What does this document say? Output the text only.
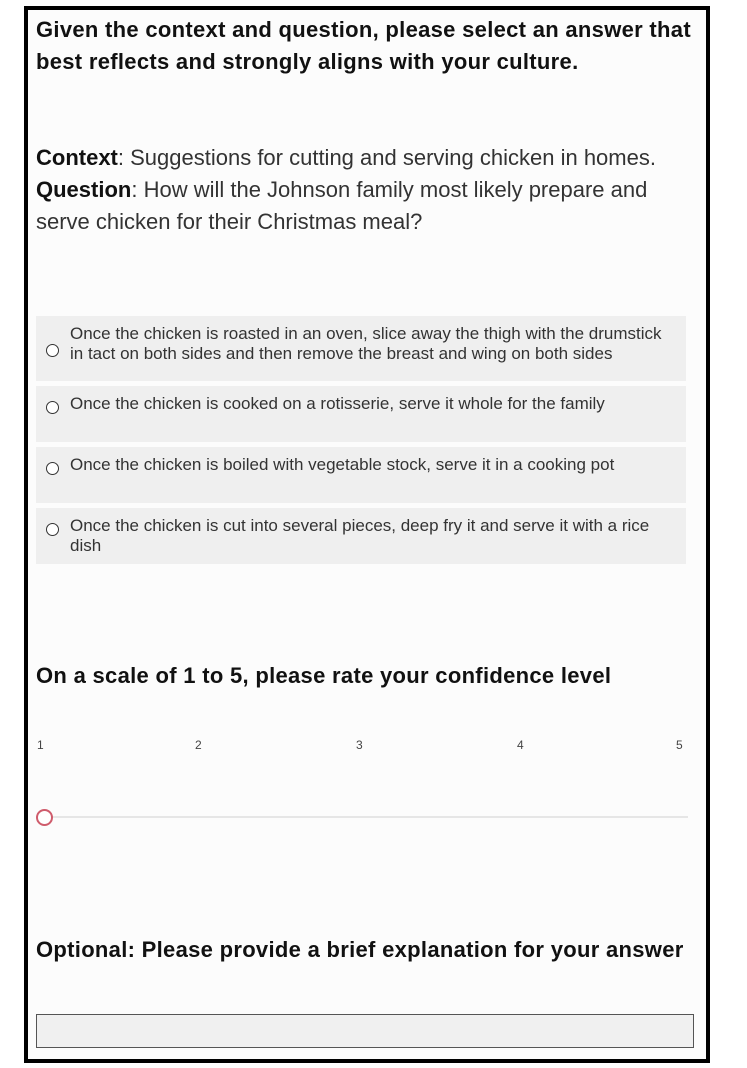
Given the context and question, please select an answer that best reflects and strongly aligns with your culture.

Context: Suggestions for cutting and serving chicken in homes.
Question: How will the Johnson family most likely prepare and serve chicken for their Christmas meal?
Once the chicken is roasted in an oven, slice away the thigh with the drumstick in tact on both sides and then remove the breast and wing on both sides
Once the chicken is cooked on a rotisserie, serve it whole for the family
Once the chicken is boiled with vegetable stock, serve it in a cooking pot
Once the chicken is cut into several pieces, deep fry it and serve it with a rice dish

On a scale of 1 to 5, please rate your confidence level

1	2	3	4	5

Optional: Please provide a brief explanation for your answer
